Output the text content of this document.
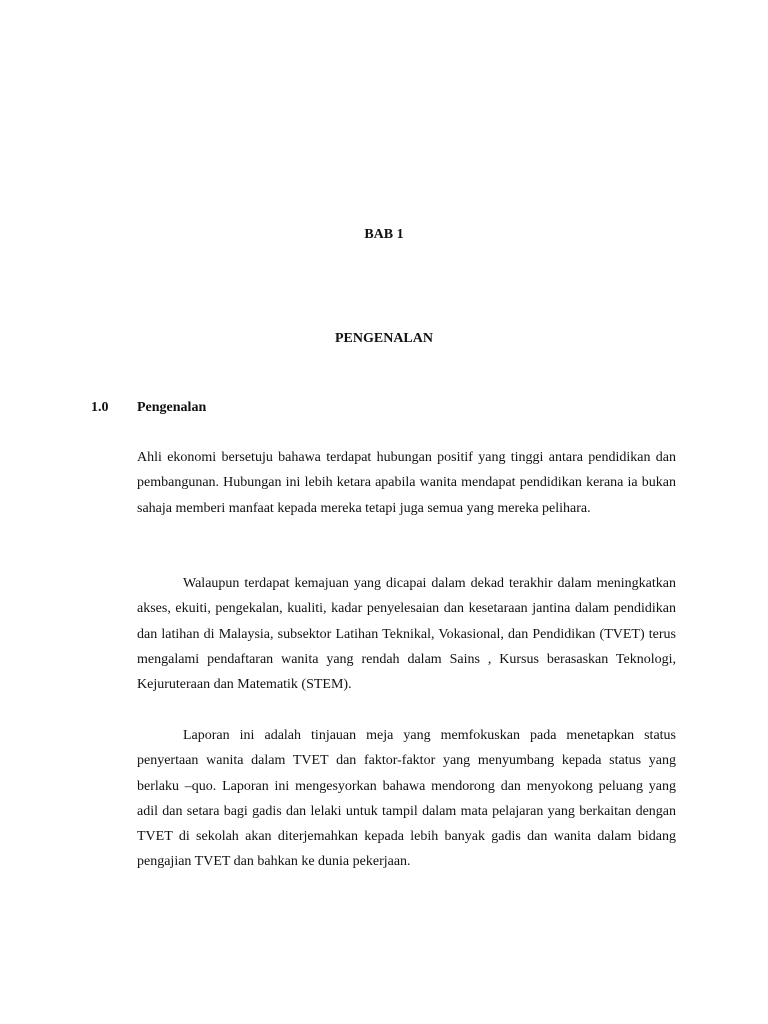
BAB 1
PENGENALAN
1.0 Pengenalan

Ahli ekonomi bersetuju bahawa terdapat hubungan positif yang tinggi antara pendidikan dan pembangunan. Hubungan ini lebih ketara apabila wanita mendapat pendidikan kerana ia bukan sahaja memberi manfaat kepada mereka tetapi juga semua yang mereka pelihara.

Walaupun terdapat kemajuan yang dicapai dalam dekad terakhir dalam meningkatkan akses, ekuiti, pengekalan, kualiti, kadar penyelesaian dan kesetaraan jantina dalam pendidikan dan latihan di Malaysia, subsektor Latihan Teknikal, Vokasional, dan Pendidikan (TVET) terus mengalami pendaftaran wanita yang rendah dalam Sains , Kursus berasaskan Teknologi, Kejuruteraan dan Matematik (STEM).

Laporan ini adalah tinjauan meja yang memfokuskan pada menetapkan status penyertaan wanita dalam TVET dan faktor-faktor yang menyumbang kepada status yang berlaku –quo. Laporan ini mengesyorkan bahawa mendorong dan menyokong peluang yang adil dan setara bagi gadis dan lelaki untuk tampil dalam mata pelajaran yang berkaitan dengan TVET di sekolah akan diterjemahkan kepada lebih banyak gadis dan wanita dalam bidang pengajian TVET dan bahkan ke dunia pekerjaan.
